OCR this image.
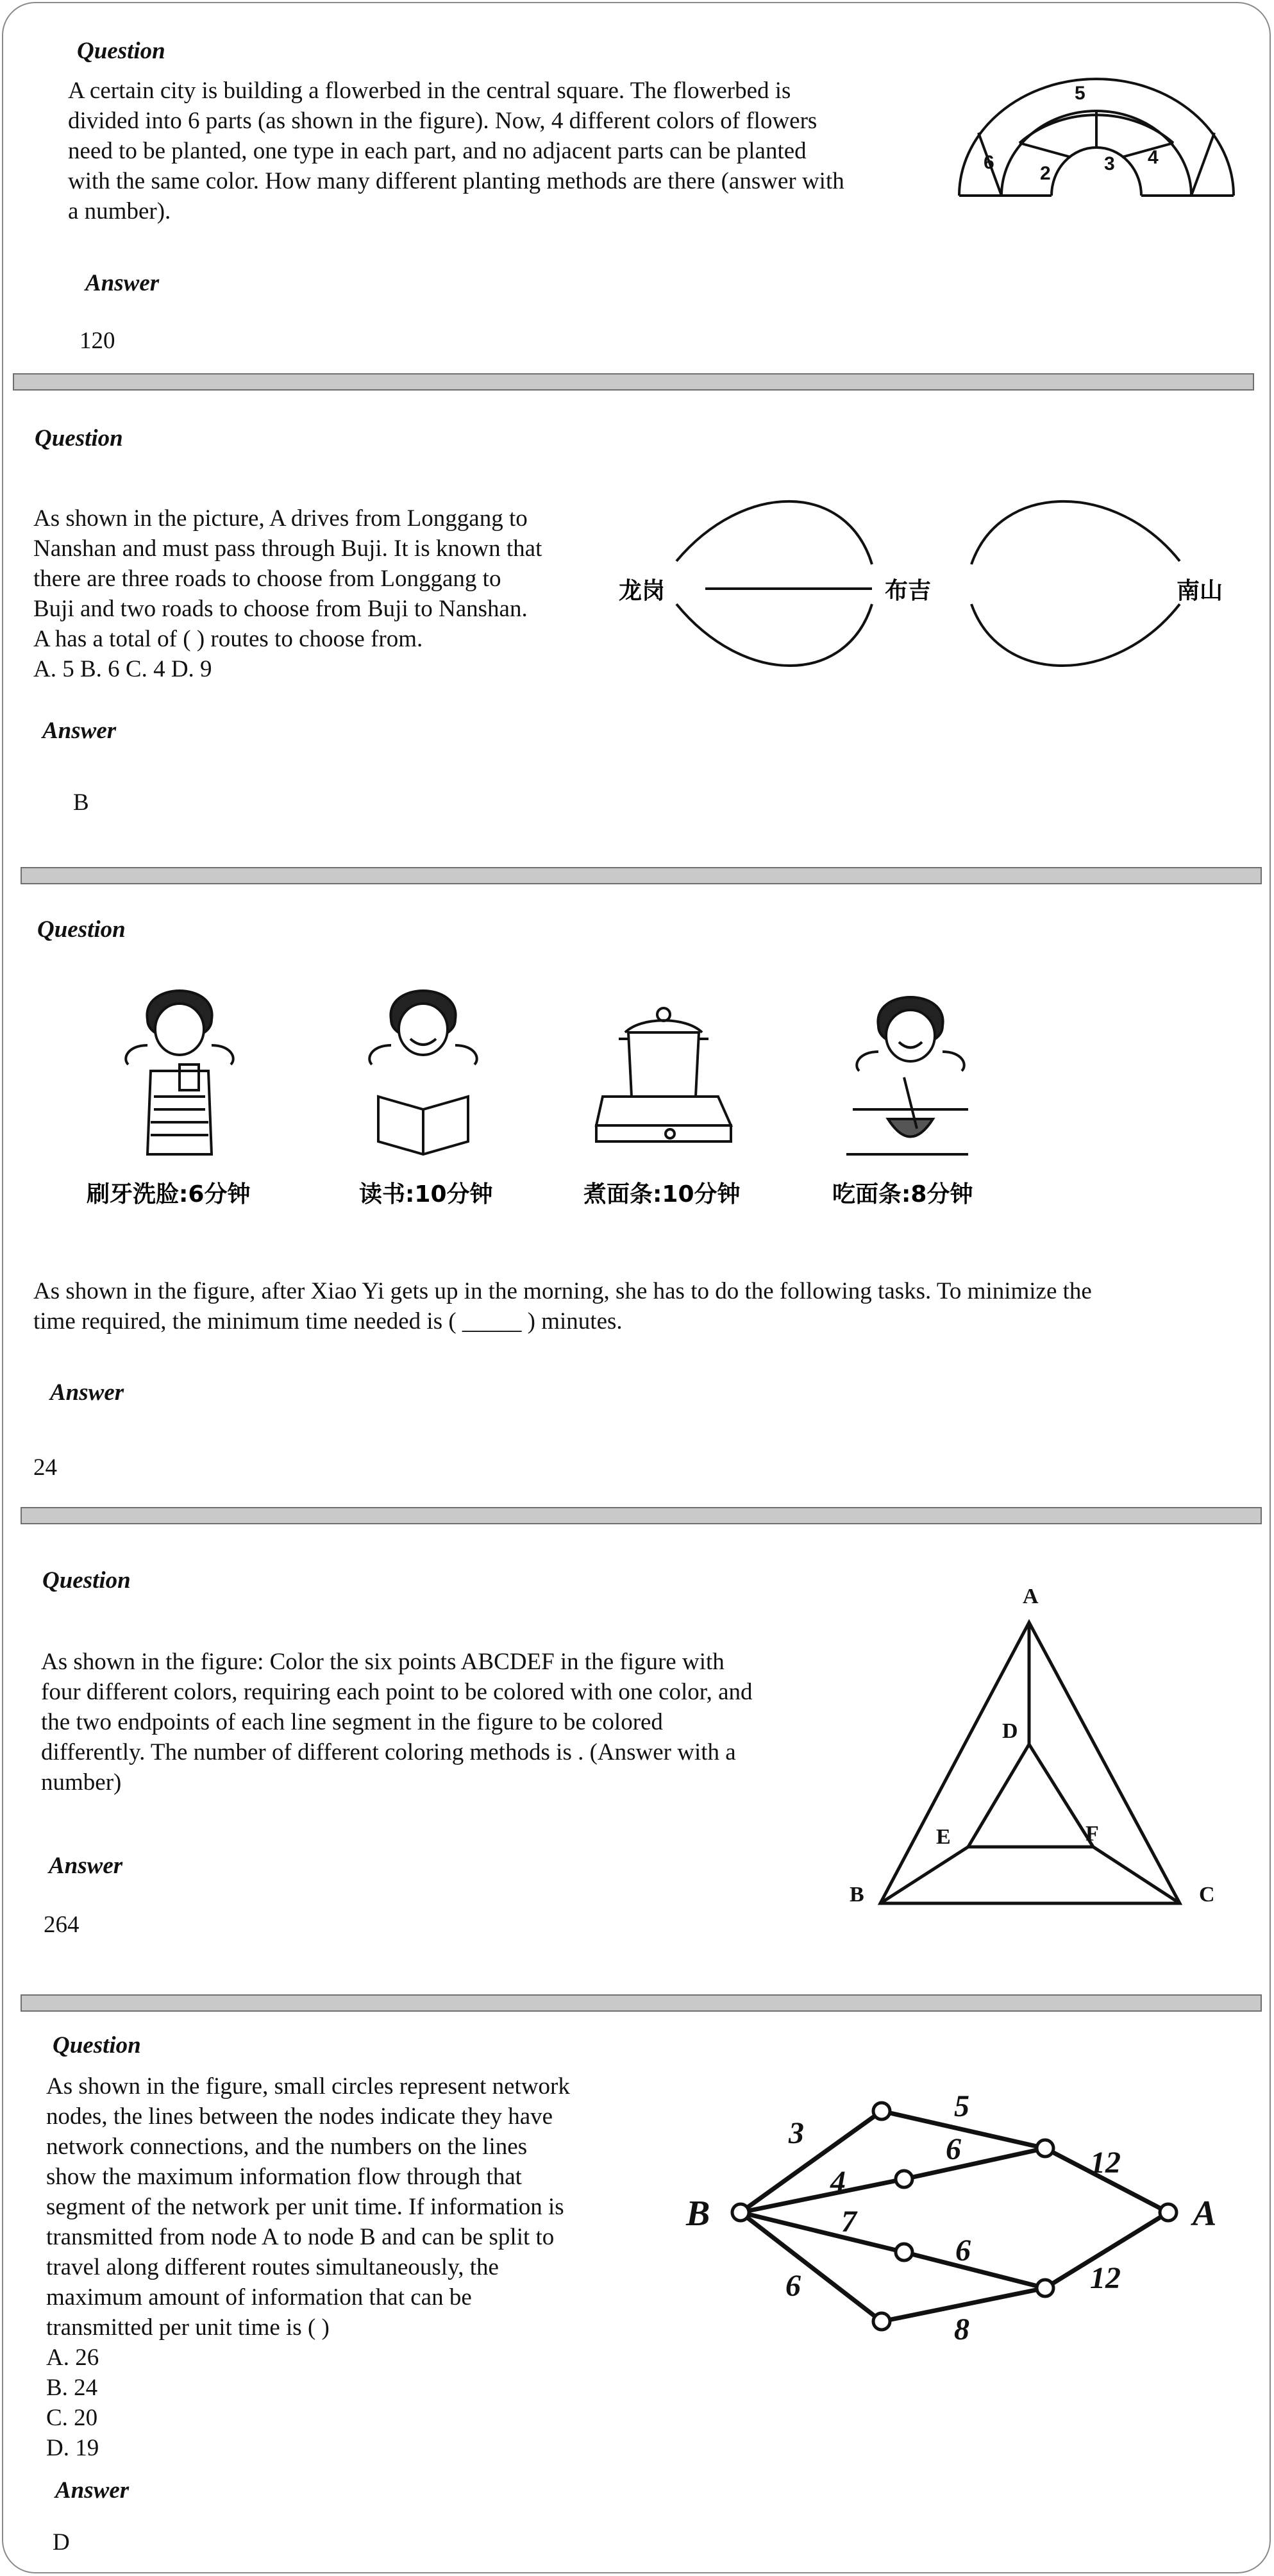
Question
A certain city is building a flowerbed in the central square. The flowerbed is
divided into 6 parts (as shown in the figure). Now, 4 different colors of flowers
need to be planted, one type in each part, and no adjacent parts can be planted
with the same color. How many different planting methods are there (answer with
a number).
5
6
2	3 4
Answer
120
Question
As shown in the picture, A drives from Longgang to
Nanshan and must pass through Buji. It is known that
there are three roads to choose from Longgang to
Buji and two roads to choose from Buji to Nanshan.
A has a total of ( ) routes to choose from.
A. 5 B. 6 C. 4 D. 9
龙岗	布吉	南山
Answer
B
Question
刷牙洗脸:6分钟	读书:10分钟	煮面条:10分钟	吃面条:8分钟
As shown in the figure, after Xiao Yi gets up in the morning, she has to do the following tasks. To minimize the
time required, the minimum time needed is ( _____ ) minutes.
Answer
24
Question
As shown in the figure: Color the six points ABCDEF in the figure with
four different colors, requiring each point to be colored with one color, and
the two endpoints of each line segment in the figure to be colored
differently. The number of different coloring methods is . (Answer with a
number)
A
B	C
D
E	F
Answer
264
Question
As shown in the figure, small circles represent network
nodes, the lines between the nodes indicate they have
network connections, and the numbers on the lines
show the maximum information flow through that
segment of the network per unit time. If information is
transmitted from node A to node B and can be split to
travel along different routes simultaneously, the
maximum amount of information that can be
transmitted per unit time is ( )
A. 26
B. 24
C. 20
D. 19
B	A
3
5
4
6	12
7
6
12
6
8
Answer
D
